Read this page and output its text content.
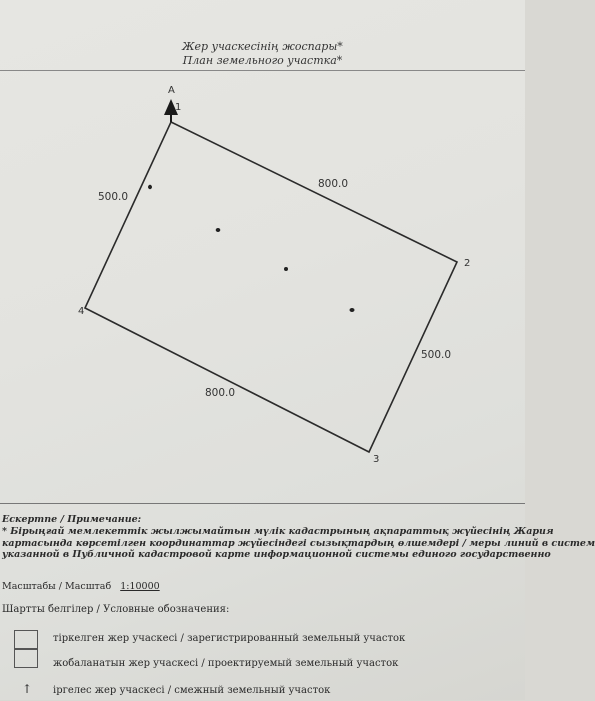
Жер учаскесінің жоспары*
План земельного участка*
А
1
2
3
4
800.0
500.0
800.0
500.0
Ескертпе / Примечание:
* Бірыңғай мемлекеттік жылжымайтын мүлік кадастрының ақпараттық жүйесінің Жария
картасында көрсетілген координаттар жүйесіндегі сызықтардың өлшемдері / меры линий в систем
указанной в Публичной кадастровой карте информационной системы единого государственно
Масштабы / Масштаб 1:10000
Шартты белгілер / Условные обозначения:
тіркелген жер учаскесі / зарегистрированный земельный участок
жобаланатын жер учаскесі / проектируемый земельный участок
↑ іргелес жер учаскесі / смежный земельный участок
